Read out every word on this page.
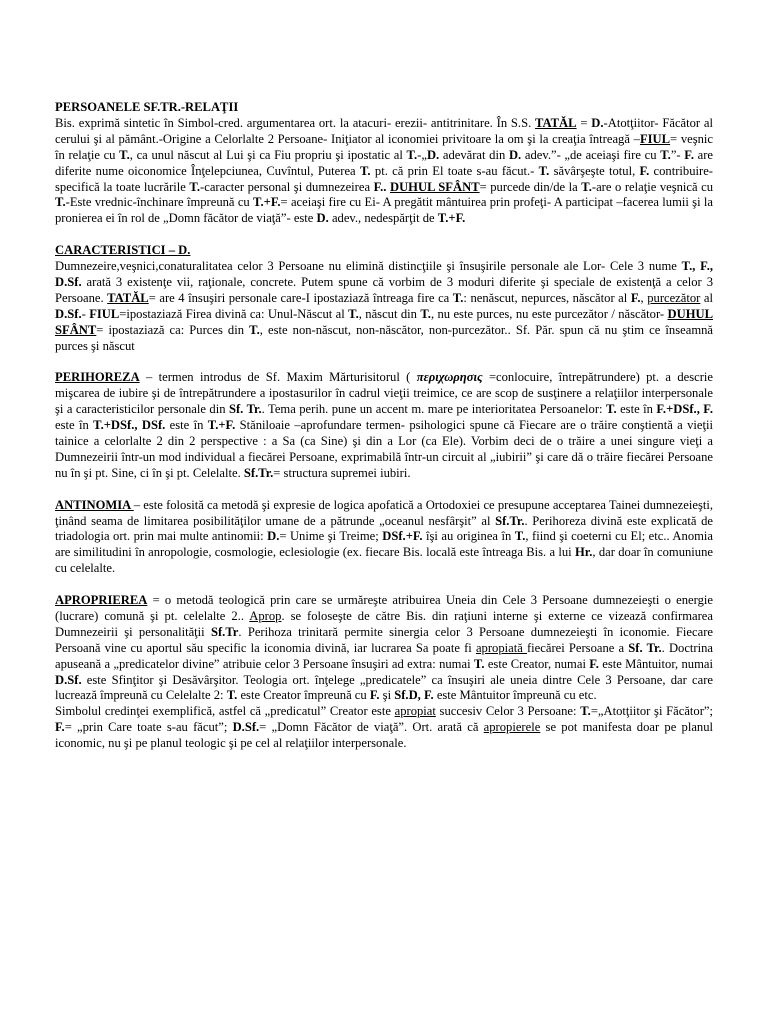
PERSOANELE SF.TR.-RELAŢII

Bis. exprimă sintetic în Simbol-cred. argumentarea ort. la atacuri- erezii- antitrinitare. În S.S. TATĂL = D.-Atotţiitor- Făcător al cerului şi al pământ.-Origine a Celorlalte 2 Persoane- Iniţiator al iconomiei privitoare la om şi la creaţia întreagă –FIUL= veşnic în relaţie cu T., ca unul născut al Lui şi ca Fiu propriu şi ipostatic al T.-„D. adevărat din D. adev.”- „de aceiaşi fire cu T.”- F. are diferite nume oiconomice Înţelepciunea, Cuvîntul, Puterea T. pt. că prin El toate s-au făcut.- T. săvârşeşte totul, F. contribuire-specifică la toate lucrările T.-caracter personal şi dumnezeirea F.. DUHUL SFÂNT= purcede din/de la T.-are o relaţie veşnică cu T.-Este vrednic-închinare împreună cu T.+F.= aceiaşi fire cu Ei- A pregătit mântuirea prin profeţi- A participat –facerea lumii şi la pronierea ei în rol de „Domn făcător de viaţă”- este D. adev., nedespărţit de T.+F.

CARACTERISTICI – D.

Dumnezeire,veşnici,conaturalitatea celor 3 Persoane nu elimină distincţiile şi însuşirile personale ale Lor- Cele 3 nume T., F., D.Sf. arată 3 existenţe vii, raţionale, concrete. Putem spune că vorbim de 3 moduri diferite şi speciale de existenţă a celor 3 Persoane. TATĂL= are 4 însuşiri personale care-I ipostaziază întreaga fire ca T.: nenăscut, nepurces, născător al F., purcezător al D.Sf.- FIUL=ipostaziază Firea divină ca: Unul-Născut al T., născut din T., nu este purces, nu este purcezător / născător- DUHUL SFÂNT= ipostaziază ca: Purces din T., este non-născut, non-născător, non-purcezător.. Sf. Păr. spun că nu ştim ce înseamnă purces şi născut

PERIHOREZA – termen introdus de Sf. Maxim Mărturisitorul ( περιχωρησις =conlocuire, întrepătrundere) pt. a descrie mişcarea de iubire şi de întrepătrundere a ipostasurilor în cadrul vieţii treimice, ce are scop de susţinere a relaţiilor interpersonale şi a caracteristicilor personale din Sf. Tr.. Tema perih. pune un accent m. mare pe interioritatea Persoanelor: T. este în F.+DSf., F. este în T.+DSf., DSf. este în T.+F. Stăniloaie –aprofundare termen- psihologici spune că Fiecare are o trăire conştientă a vieţii tainice a celorlalte 2 din 2 perspective : a Sa (ca Sine) şi din a Lor (ca Ele). Vorbim deci de o trăire a unei singure vieţi a Dumnezeirii într-un mod individual a fiecărei Persoane, exprimabilă într-un circuit al „iubirii” şi care dă o trăire fiecărei Persoane nu în şi pt. Sine, ci în şi pt. Celelalte. Sf.Tr.= structura supremei iubiri.

ANTINOMIA – este folosită ca metodă şi expresie de logica apofatică a Ortodoxiei ce presupune acceptarea Tainei dumnezeieşti, ţinând seama de limitarea posibilităţilor umane de a pătrunde „oceanul nesfârşit” al Sf.Tr.. Perihoreza divină este explicată de triadologia ort. prin mai multe antinomii: D.= Unime şi Treime; DSf.+F. îşi au originea în T., fiind şi coeterni cu El; etc.. Anomia are similitudini în anropologie, cosmologie, eclesiologie (ex. fiecare Bis. locală este întreaga Bis. a lui Hr., dar doar în comuniune cu celelalte.

APROPRIEREA = o metodă teologică prin care se urmăreşte atribuirea Uneia din Cele 3 Persoane dumnezeieşti o energie (lucrare) comună şi pt. celelalte 2.. Aprop. se foloseşte de către Bis. din raţiuni interne şi externe ce vizează confirmarea Dumnezeirii şi personalităţii Sf.Tr. Perihoza trinitară permite sinergia celor 3 Persoane dumnezeieşti în iconomie. Fiecare Persoană vine cu aportul său specific la iconomia divină, iar lucrarea Sa poate fi apropiată fiecărei Persoane a Sf. Tr.. Doctrina apuseană a „predicatelor divine” atribuie celor 3 Persoane însuşiri ad extra: numai T. este Creator, numai F. este Mântuitor, numai D.Sf. este Sfinţitor şi Desăvârşitor. Teologia ort. înţelege „predicatele” ca însuşiri ale uneia dintre Cele 3 Persoane, dar care lucrează împreună cu Celelalte 2: T. este Creator împreună cu F. şi Sf.D, F. este Mântuitor împreună cu etc.

Simbolul credinţei exemplifică, astfel că „predicatul” Creator este apropiat succesiv Celor 3 Persoane: T.=„Atotţiitor şi Făcător”; F.= „prin Care toate s-au făcut”; D.Sf.= „Domn Făcător de viaţă”. Ort. arată că apropierele se pot manifesta doar pe planul iconomic, nu şi pe planul teologic şi pe cel al relaţiilor interpersonale.
